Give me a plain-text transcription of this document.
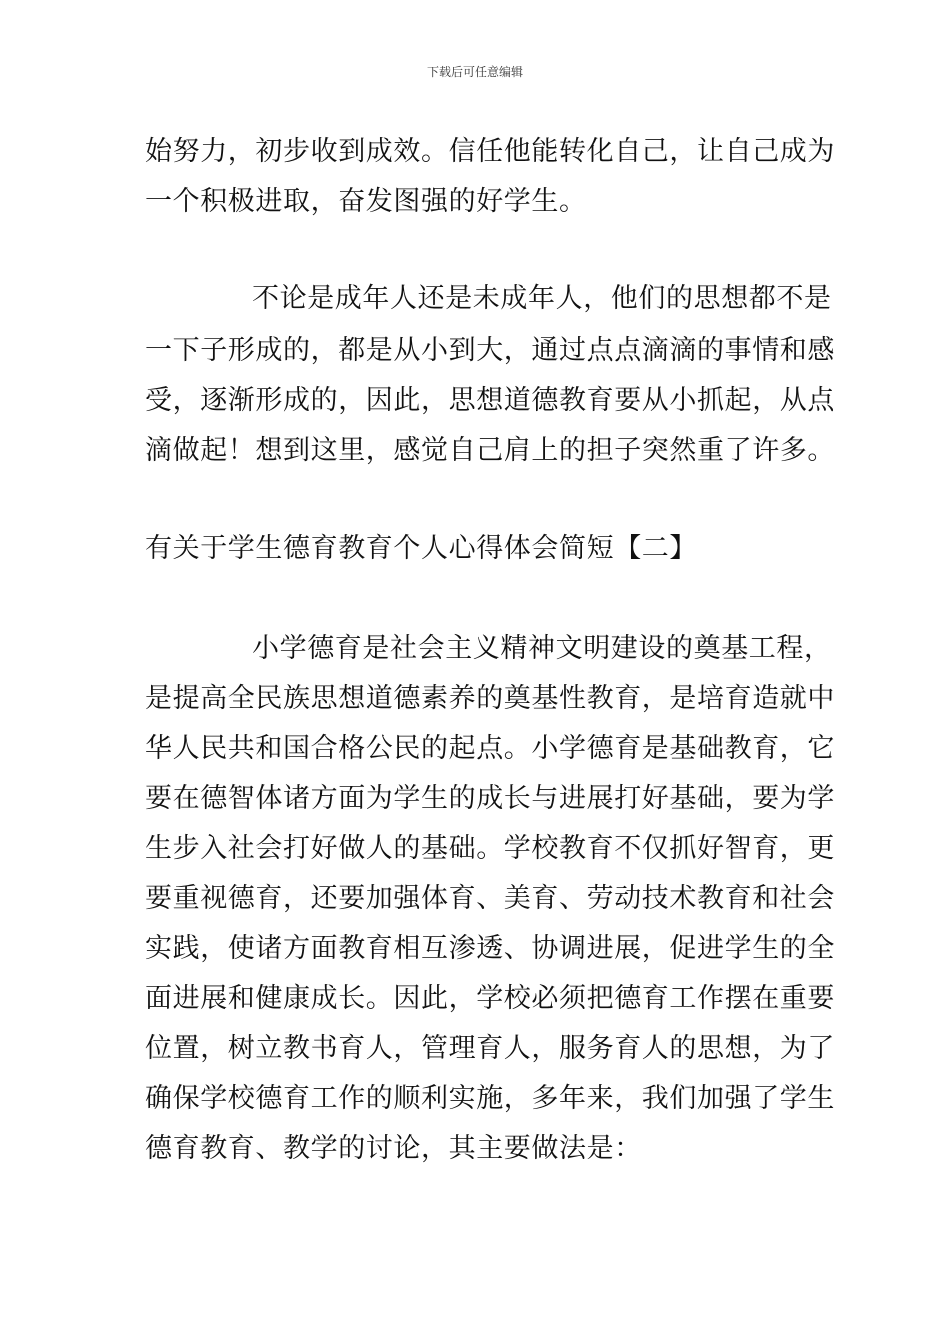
下载后可任意编辑
始努力，初步收到成效。信任他能转化自己，让自己成为
一个积极进取，奋发图强的好学生。
不论是成年人还是未成年人，他们的思想都不是
一下子形成的，都是从小到大，通过点点滴滴的事情和感
受，逐渐形成的，因此，思想道德教育要从小抓起，从点
滴做起！想到这里，感觉自己肩上的担子突然重了许多。
有关于学生德育教育个人心得体会简短【二】
小学德育是社会主义精神文明建设的奠基工程，
是提高全民族思想道德素养的奠基性教育，是培育造就中
华人民共和国合格公民的起点。小学德育是基础教育，它
要在德智体诸方面为学生的成长与进展打好基础，要为学
生步入社会打好做人的基础。学校教育不仅抓好智育，更
要重视德育，还要加强体育、美育、劳动技术教育和社会
实践，使诸方面教育相互渗透、协调进展，促进学生的全
面进展和健康成长。因此，学校必须把德育工作摆在重要
位置，树立教书育人，管理育人，服务育人的思想，为了
确保学校德育工作的顺利实施，多年来，我们加强了学生
德育教育、教学的讨论，其主要做法是：
